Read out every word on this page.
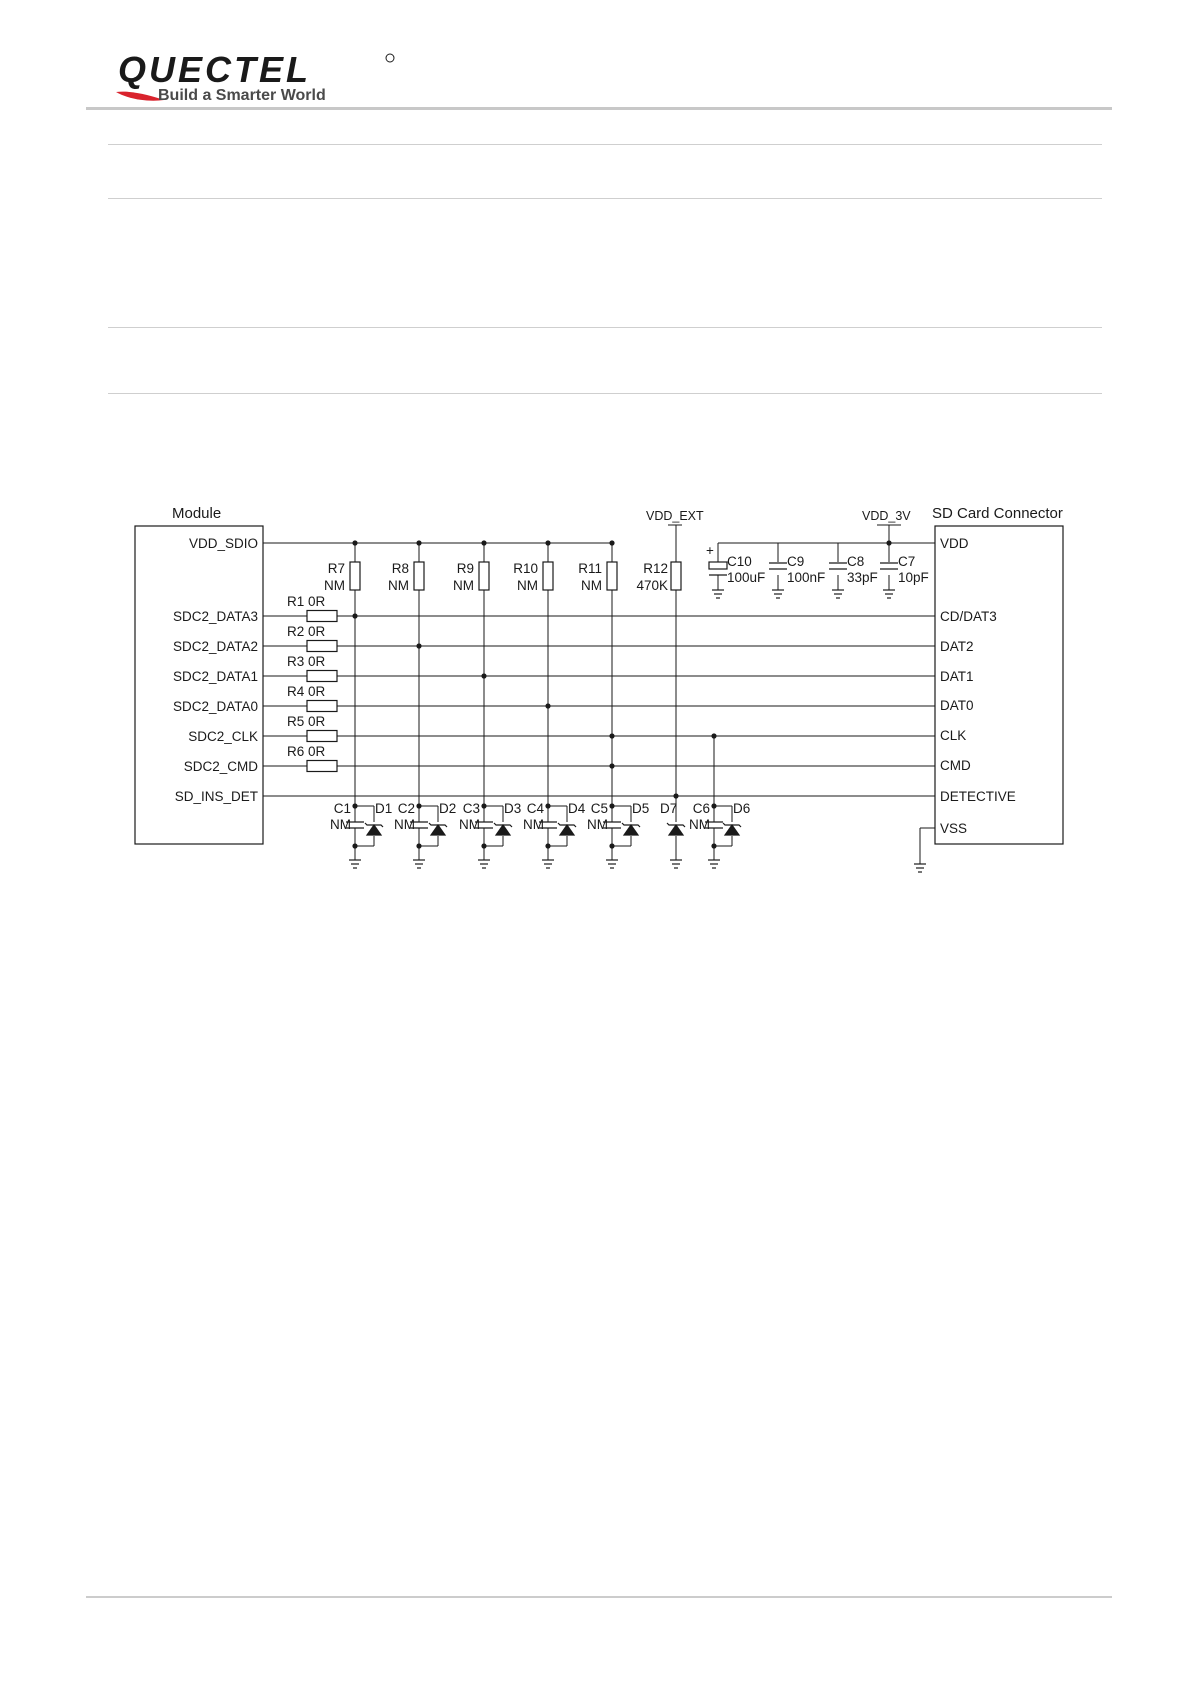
QUECTEL
Build a Smarter World
Module	SD Card Connector
VDD_SDIO
SDC2_DATA3
SDC2_DATA2
SDC2_DATA1
SDC2_DATA0
SDC2_CLK
SDC2_CMD
SD_INS_DET
VDD
CD/DAT3
DAT2
DAT1
DAT0
CLK
CMD
DETECTIVE
VSS
R1 0R
R2 0R
R3 0R
R4 0R
R5 0R
R6 0R
R7
NM
R8
NM
R9
NM
R10
NM
R11
NM
R12
470K
VDD_EXT	VDD_3V
C10
100uF
C9
100nF
C8
33pF
C7
10pF
+
C1
NM
D1 C2
NM
D2 C3
NM
D3 C4
NM
D4 C5
NM
D5 D7 C6
NM
D6
